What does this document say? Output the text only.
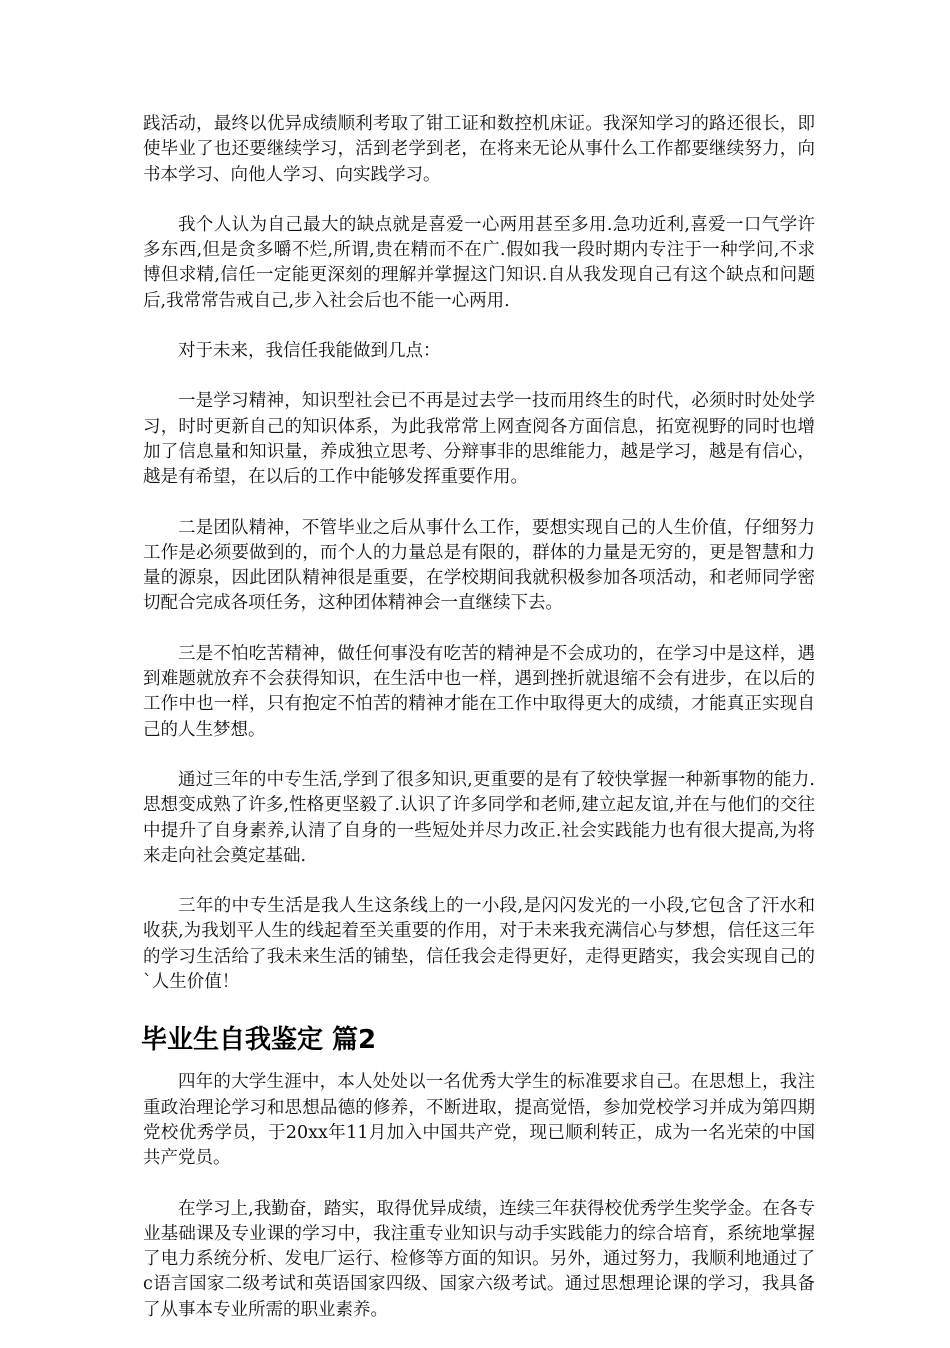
践活动，最终以优异成绩顺利考取了钳工证和数控机床证。我深知学习的路还很长，即使毕业了也还要继续学习，活到老学到老，在将来无论从事什么工作都要继续努力，向书本学习、向他人学习、向实践学习。

我个人认为自己最大的缺点就是喜爱一心两用甚至多用.急功近利,喜爱一口气学许多东西,但是贪多嚼不烂,所谓,贵在精而不在广.假如我一段时期内专注于一种学问,不求博但求精,信任一定能更深刻的理解并掌握这门知识.自从我发现自己有这个缺点和问题后,我常常告戒自己,步入社会后也不能一心两用.

对于未来，我信任我能做到几点：

一是学习精神，知识型社会已不再是过去学一技而用终生的时代，必须时时处处学习，时时更新自己的知识体系，为此我常常上网查阅各方面信息，拓宽视野的同时也增加了信息量和知识量，养成独立思考、分辩事非的思维能力，越是学习，越是有信心，越是有希望，在以后的工作中能够发挥重要作用。

二是团队精神，不管毕业之后从事什么工作，要想实现自己的人生价值，仔细努力工作是必须要做到的，而个人的力量总是有限的，群体的力量是无穷的，更是智慧和力量的源泉，因此团队精神很是重要，在学校期间我就积极参加各项活动，和老师同学密切配合完成各项任务，这种团体精神会一直继续下去。

三是不怕吃苦精神，做任何事没有吃苦的精神是不会成功的，在学习中是这样，遇到难题就放弃不会获得知识，在生活中也一样，遇到挫折就退缩不会有进步，在以后的工作中也一样，只有抱定不怕苦的精神才能在工作中取得更大的成绩，才能真正实现自己的人生梦想。

通过三年的中专生活,学到了很多知识,更重要的是有了较快掌握一种新事物的能力.思想变成熟了许多,性格更坚毅了.认识了许多同学和老师,建立起友谊,并在与他们的交往中提升了自身素养,认清了自身的一些短处并尽力改正.社会实践能力也有很大提高,为将来走向社会奠定基础.

三年的中专生活是我人生这条线上的一小段,是闪闪发光的一小段,它包含了汗水和收获,为我划平人生的线起着至关重要的作用，对于未来我充满信心与梦想，信任这三年的学习生活给了我未来生活的铺垫，信任我会走得更好，走得更踏实，我会实现自己的`人生价值！

毕业生自我鉴定 篇2

四年的大学生涯中，本人处处以一名优秀大学生的标准要求自己。在思想上，我注重政治理论学习和思想品德的修养，不断进取，提高觉悟，参加党校学习并成为第四期党校优秀学员，于20xx年11月加入中国共产党，现已顺利转正，成为一名光荣的中国共产党员。

在学习上,我勤奋，踏实，取得优异成绩，连续三年获得校优秀学生奖学金。在各专业基础课及专业课的学习中，我注重专业知识与动手实践能力的综合培育，系统地掌握了电力系统分析、发电厂运行、检修等方面的知识。另外，通过努力，我顺利地通过了c语言国家二级考试和英语国家四级、国家六级考试。通过思想理论课的学习，我具备了从事本专业所需的职业素养。
